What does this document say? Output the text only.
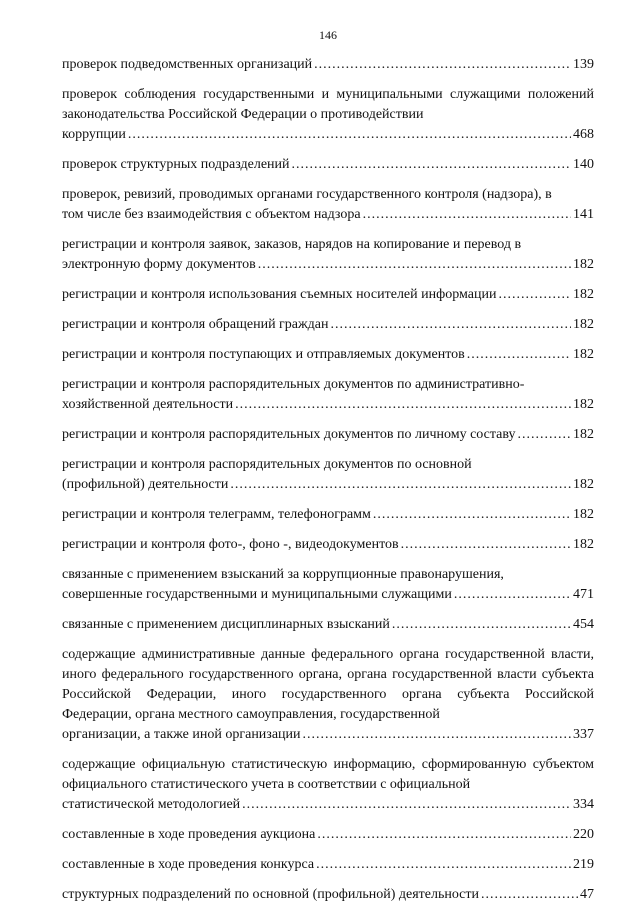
146
проверок подведомственных организаций .....	139
проверок соблюдения государственными и муниципальными служащими положений законодательства Российской Федерации о противодействии
коррупции .....	468
проверок структурных подразделений .....	140
проверок, ревизий, проводимых органами государственного контроля (надзора), в
том числе без взаимодействия с объектом надзора .....	141
регистрации и контроля заявок, заказов, нарядов на копирование и перевод в
электронную форму документов .....	182
регистрации и контроля использования съемных носителей информации .....	182
регистрации и контроля обращений граждан .....	182
регистрации и контроля поступающих и отправляемых документов .....	182
регистрации и контроля распорядительных документов по административно-
хозяйственной деятельности .....	182
регистрации и контроля распорядительных документов по личному составу .....	182
регистрации и контроля распорядительных документов по основной
(профильной) деятельности .....	182
регистрации и контроля телеграмм, телефонограмм .....	182
регистрации и контроля фото-, фоно -, видеодокументов .....	182
связанные с применением взысканий за коррупционные правонарушения,
совершенные государственными и муниципальными служащими .....	471
связанные с применением дисциплинарных взысканий .....	454
содержащие административные данные федерального органа государственной власти, иного федерального государственного органа, органа государственной власти субъекта Российской Федерации, иного государственного органа субъекта Российской Федерации, органа местного самоуправления, государственной
организации, а также иной организации .....	337
содержащие официальную статистическую информацию, сформированную субъектом официального статистического учета в соответствии с официальной
статистической методологией .....	334
составленные в ходе проведения аукциона .....	220
составленные в ходе проведения конкурса .....	219
структурных подразделений по основной (профильной) деятельности .....	47
